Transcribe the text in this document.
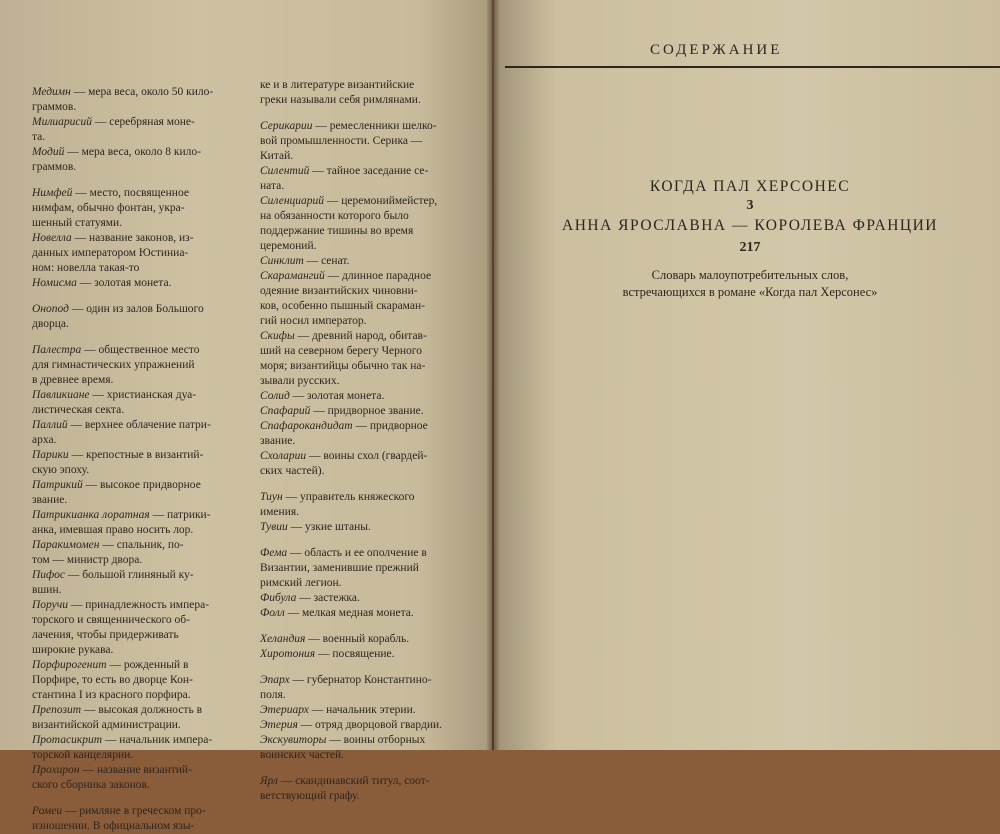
Медимн — мера веса, около 50 кило-
граммов.
Милиарисий — серебряная моне-
та.
Модий — мера веса, около 8 кило-
граммов.
Нимфей — место, посвященное
нимфам, обычно фонтан, укра-
шенный статуями.
Новелла — название законов, из-
данных императором Юстиниа-
ном: новелла такая-то
Номисма — золотая монета.
Онопод — один из залов Большого
дворца.
Палестра — общественное место
для гимнастических упражнений
в древнее время.
Павликиане — христианская дуа-
листическая секта.
Паллий — верхнее облачение патри-
арха.
Парики — крепостные в византий-
скую эпоху.
Патрикий — высокое придворное
звание.
Патрикианка лоратная — патрики-
анка, имевшая право носить лор.
Паракимомен — спальник, по-
том — министр двора.
Пифос — большой глиняный ку-
вшин.
Поручи — принадлежность импера-
торского и священнического об-
лачения, чтобы придерживать
широкие рукава.
Порфирогенит — рожденный в
Порфире, то есть во дворце Кон-
стантина I из красного порфира.
Препозит — высокая должность в
византийской администрации.
Протасикрит — начальник импера-
торской канцелярии.
Прохирон — название византий-
ского сборника законов.
Ромеи — римляне в греческом про-
изношении. В официальном язы-
ке и в литературе византийские
греки называли себя римлянами.
Серикарии — ремесленники шелко-
вой промышленности. Серика —
Китай.
Силентий — тайное заседание се-
ната.
Силенциарий — церемониймейстер,
на обязанности которого было
поддержание тишины во время
церемоний.
Синклит — сенат.
Скарамангий — длинное парадное
одеяние византийских чиновни-
ков, особенно пышный скараман-
гий носил император.
Скифы — древний народ, обитав-
ший на северном берегу Черного
моря; византийцы обычно так на-
зывали русских.
Солид — золотая монета.
Спафарий — придворное звание.
Спафарокандидат — придворное
звание.
Схоларии — воины схол (гвардей-
ских частей).
Тиун — управитель княжеского
имения.
Тувии — узкие штаны.
Фема — область и ее ополчение в
Византии, заменившие прежний
римский легион.
Фибула — застежка.
Фолл — мелкая медная монета.
Хеландия — военный корабль.
Хиротония — посвящение.
Эпарх — губернатор Константино-
поля.
Этериарх — начальник этерии.
Этерия — отряд дворцовой гвардии.
Экскувиторы — воины отборных
воинских частей.
Ярл — скандинавский титул, соот-
ветствующий графу.
СОДЕРЖАНИЕ
КОГДА ПАЛ ХЕРСОНЕС
3
АННА ЯРОСЛАВНА — КОРОЛЕВА ФРАНЦИИ
217
Словарь малоупотребительных слов,
встречающихся в романе «Когда пал Херсонес»
